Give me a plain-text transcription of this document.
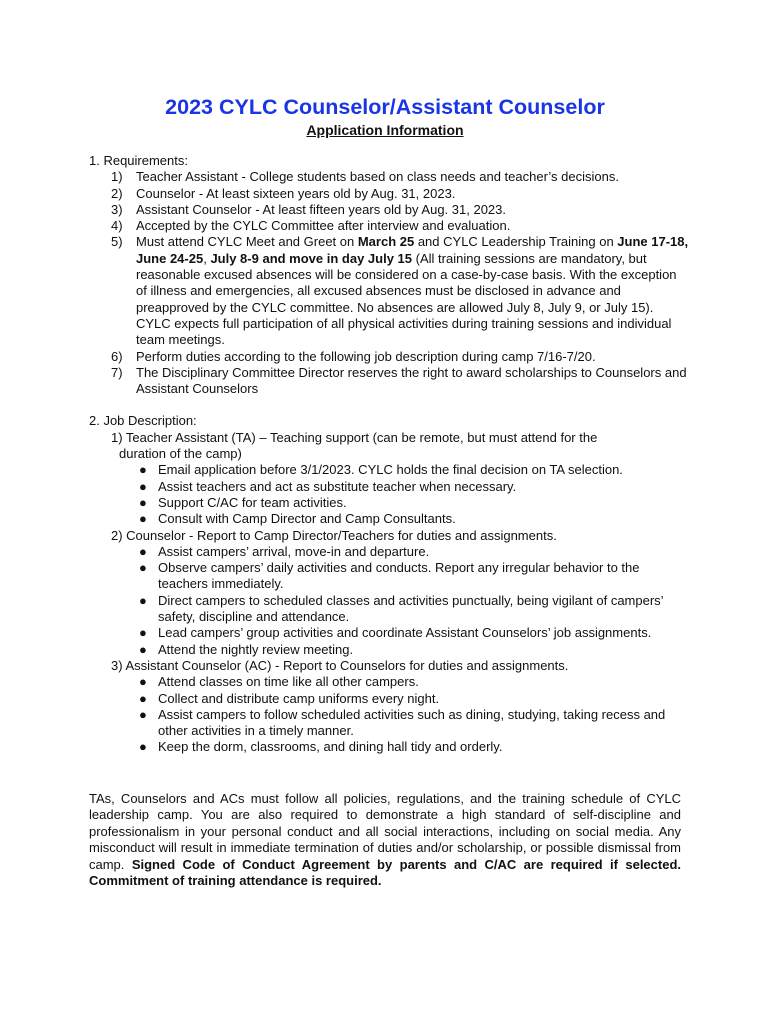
2023 CYLC Counselor/Assistant Counselor
Application Information
1. Requirements:
1) Teacher Assistant - College students based on class needs and teacher’s decisions.
2) Counselor - At least sixteen years old by Aug. 31, 2023.
3) Assistant Counselor - At least fifteen years old by Aug. 31, 2023.
4) Accepted by the CYLC Committee after interview and evaluation.
5) Must attend CYLC Meet and Greet on March 25 and CYLC Leadership Training on June 17-18, June 24-25, July 8-9 and move in day July 15 (All training sessions are mandatory, but reasonable excused absences will be considered on a case-by-case basis. With the exception of illness and emergencies, all excused absences must be disclosed in advance and preapproved by the CYLC committee. No absences are allowed July 8, July 9, or July 15). CYLC expects full participation of all physical activities during training sessions and individual team meetings.
6) Perform duties according to the following job description during camp 7/16-7/20.
7) The Disciplinary Committee Director reserves the right to award scholarships to Counselors and Assistant Counselors
2. Job Description:
1) Teacher Assistant (TA) – Teaching support (can be remote, but must attend for the
duration of the camp)
● Email application before 3/1/2023. CYLC holds the final decision on TA selection.
● Assist teachers and act as substitute teacher when necessary.
● Support C/AC for team activities.
● Consult with Camp Director and Camp Consultants.
2) Counselor - Report to Camp Director/Teachers for duties and assignments.
● Assist campers’ arrival, move-in and departure.
● Observe campers’ daily activities and conducts. Report any irregular behavior to the teachers immediately.
● Direct campers to scheduled classes and activities punctually, being vigilant of campers’ safety, discipline and attendance.
● Lead campers’ group activities and coordinate Assistant Counselors’ job assignments.
● Attend the nightly review meeting.
3) Assistant Counselor (AC) - Report to Counselors for duties and assignments.
● Attend classes on time like all other campers.
● Collect and distribute camp uniforms every night.
● Assist campers to follow scheduled activities such as dining, studying, taking recess and other activities in a timely manner.
● Keep the dorm, classrooms, and dining hall tidy and orderly.
TAs, Counselors and ACs must follow all policies, regulations, and the training schedule of CYLC leadership camp. You are also required to demonstrate a high standard of self-discipline and professionalism in your personal conduct and all social interactions, including on social media. Any misconduct will result in immediate termination of duties and/or scholarship, or possible dismissal from camp. Signed Code of Conduct Agreement by parents and C/AC are required if selected. Commitment of training attendance is required.
